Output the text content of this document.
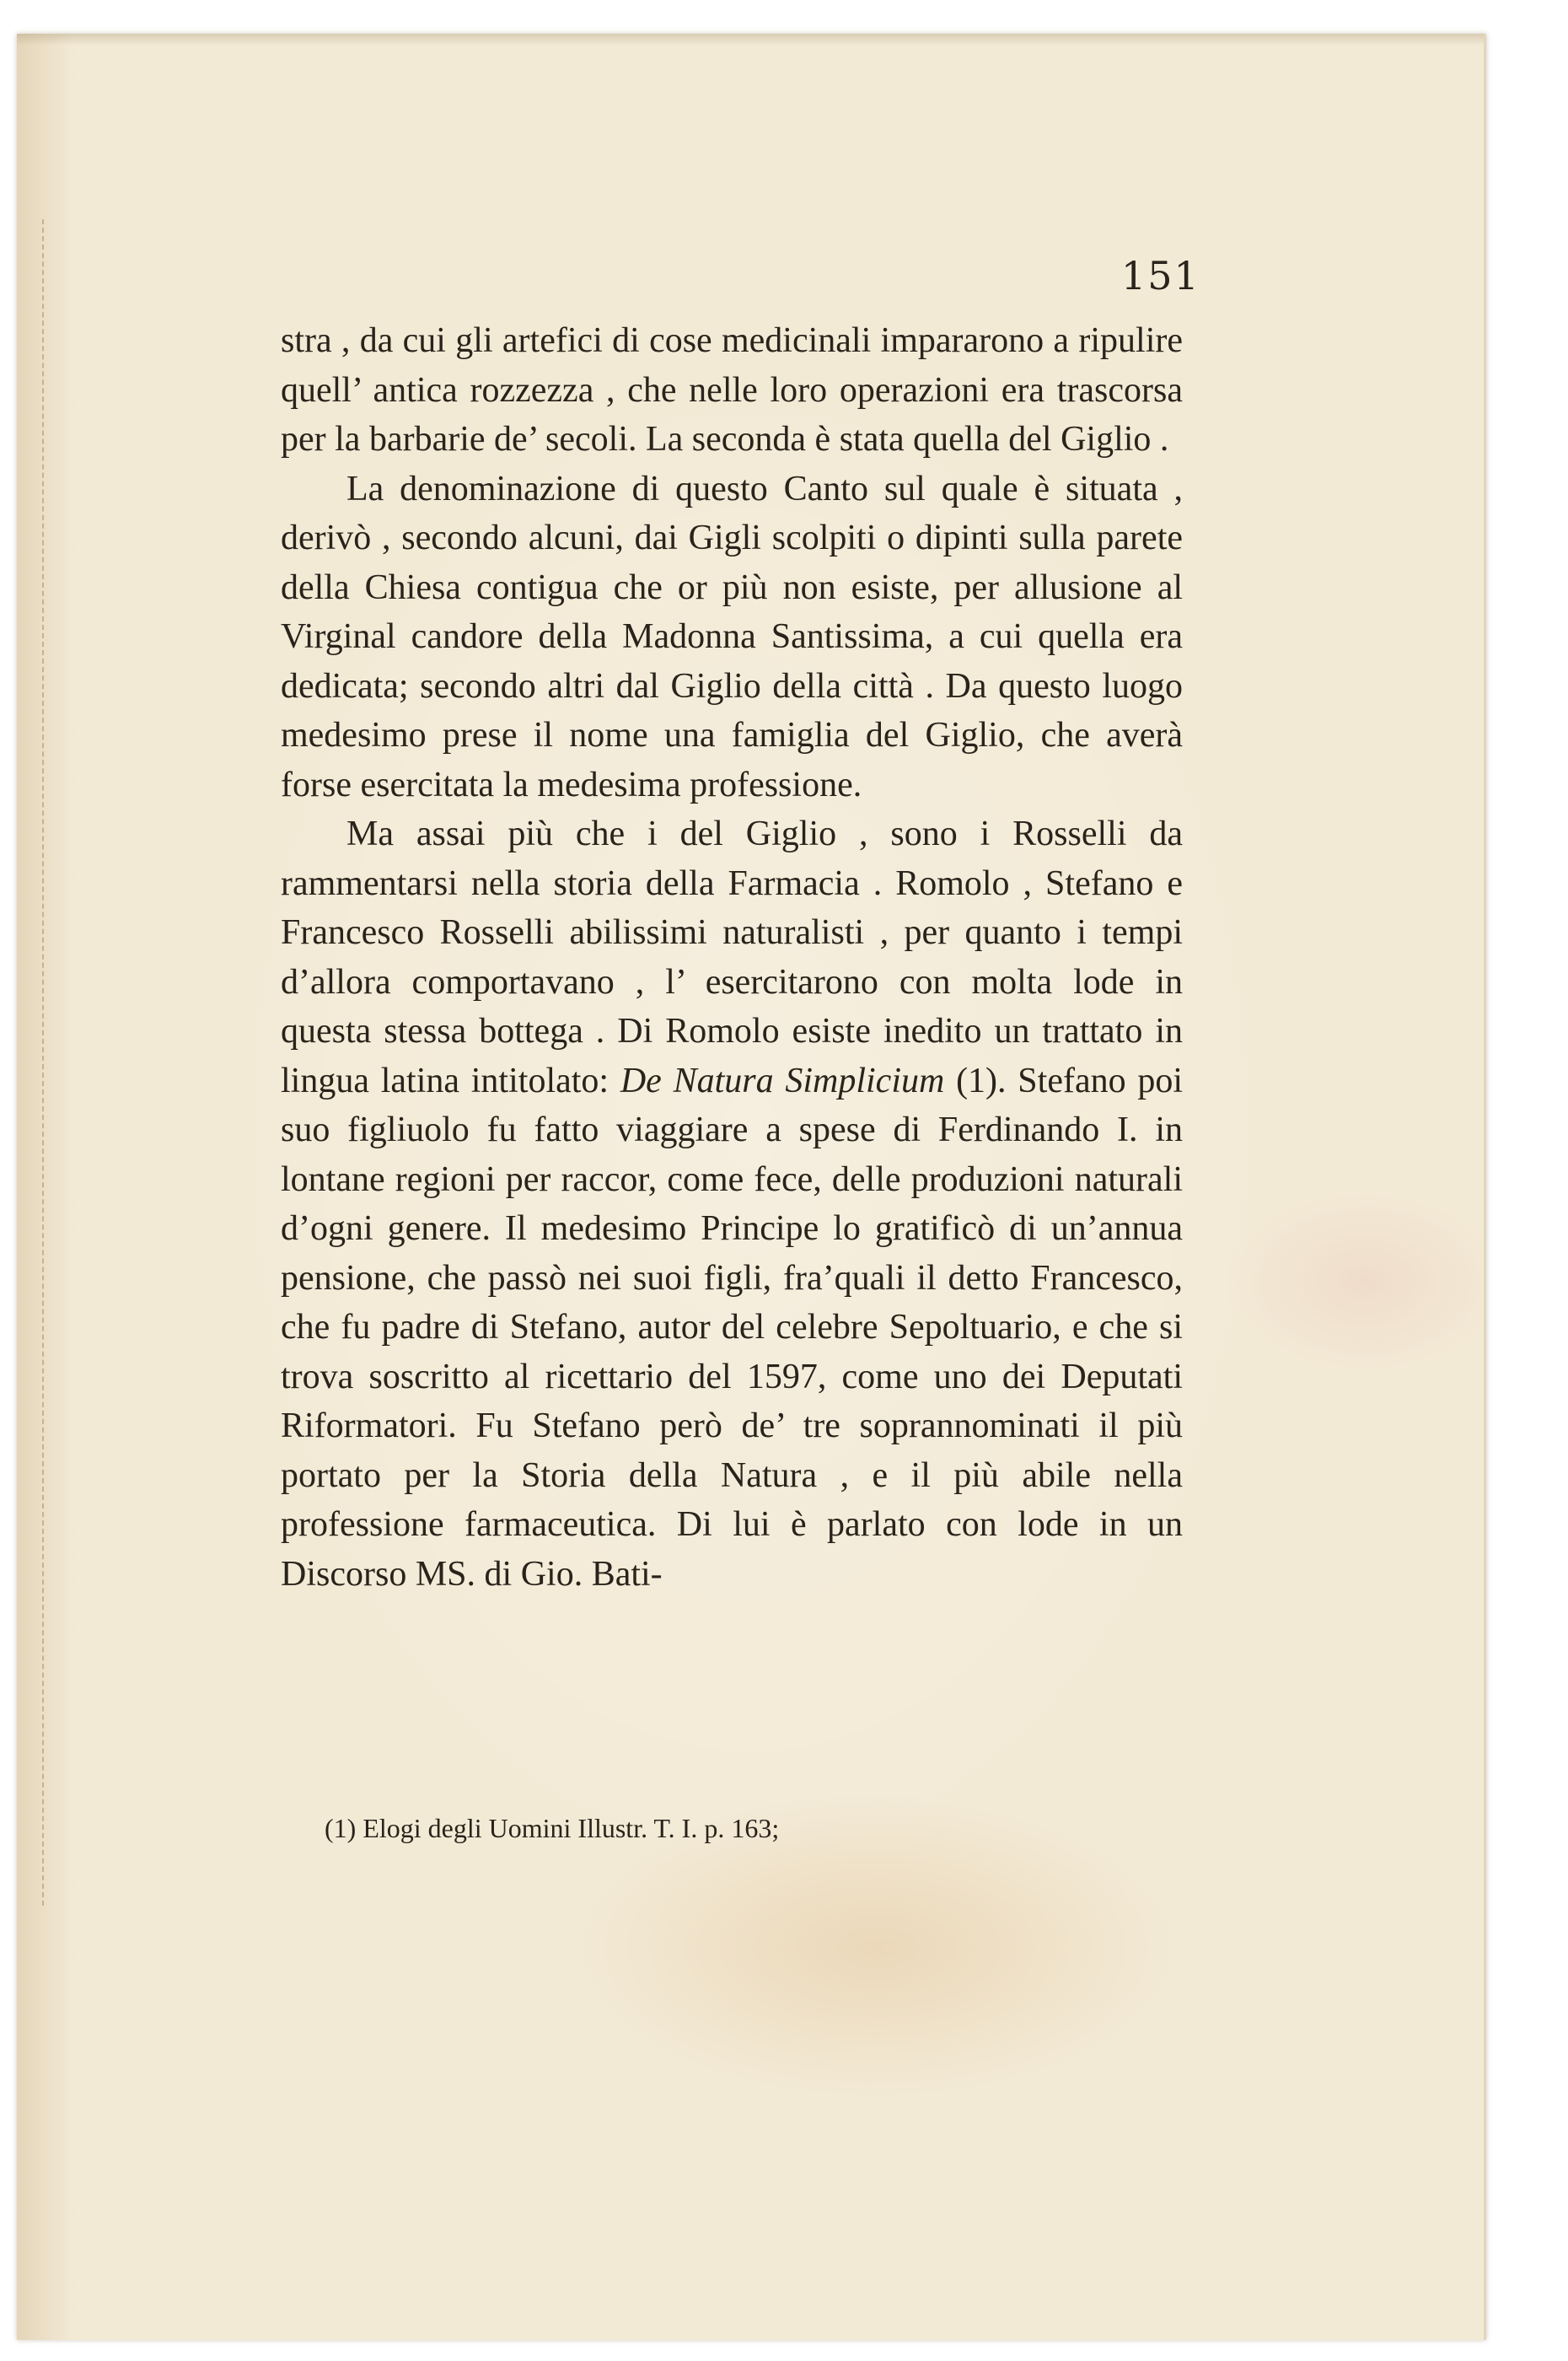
151

stra , da cui gli artefici di cose medicinali impararono a ripulire quell’ antica rozzezza , che nelle loro operazioni era trascorsa per la barbarie de’ secoli. La seconda è stata quella del Giglio .

La denominazione di questo Canto sul quale è situata , derivò , secondo alcuni, dai Gigli scolpiti o dipinti sulla parete della Chiesa contigua che or più non esiste, per allusione al Virginal candore della Madonna Santissima, a cui quella era dedicata; secondo altri dal Giglio della città . Da questo luogo medesimo prese il nome una famiglia del Giglio, che averà forse esercitata la medesima professione.

Ma assai più che i del Giglio , sono i Rosselli da rammentarsi nella storia della Farmacia . Romolo , Stefano e Francesco Rosselli abilissimi naturalisti , per quanto i tempi d’allora comportavano , l’ esercitarono con molta lode in questa stessa bottega . Di Romolo esiste inedito un trattato in lingua latina intitolato: De Natura Simplicium (1). Stefano poi suo figliuolo fu fatto viaggiare a spese di Ferdinando I. in lontane regioni per raccor, come fece, delle produzioni naturali d’ogni genere. Il medesimo Principe lo gratificò di un’annua pensione, che passò nei suoi figli, fra’quali il detto Francesco, che fu padre di Stefano, autor del celebre Sepoltuario, e che si trova soscritto al ricettario del 1597, come uno dei Deputati Riformatori. Fu Stefano però de’ tre soprannominati il più portato per la Storia della Natura , e il più abile nella professione farmaceutica. Di lui è parlato con lode in un Discorso MS. di Gio. Bati-

(1) Elogi degli Uomini Illustr. T. I. p. 163;
